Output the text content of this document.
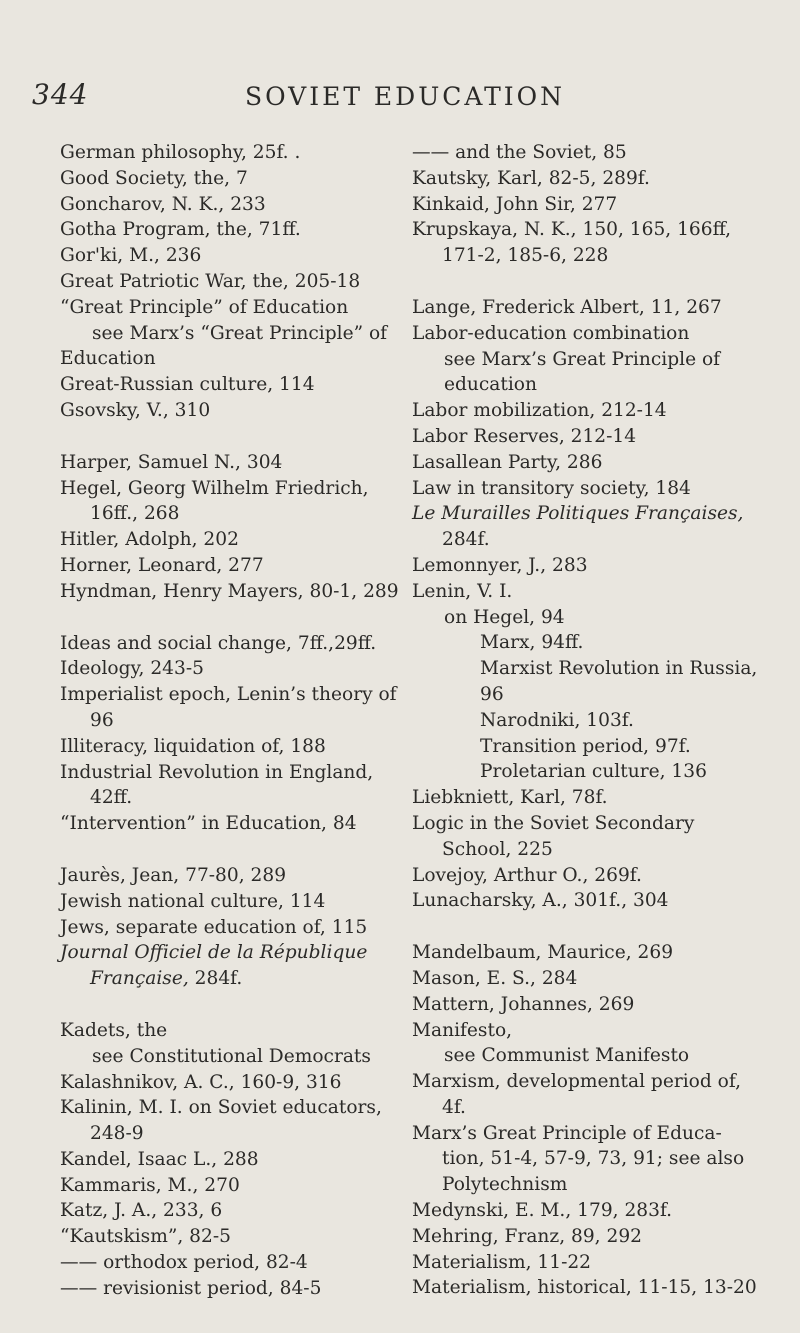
344	SOVIET EDUCATION
German philosophy, 25f. .
Good Society, the, 7
Goncharov, N. K., 233
Gotha Program, the, 71ff.
Gor'ki, M., 236
Great Patriotic War, the, 205-18
“Great Principle” of Education
see Marx’s “Great Principle” of
Education
Great-Russian culture, 114
Gsovsky, V., 310
Harper, Samuel N., 304
Hegel, Georg Wilhelm Friedrich,
16ff., 268
Hitler, Adolph, 202
Horner, Leonard, 277
Hyndman, Henry Mayers, 80-1, 289
Ideas and social change, 7ff.,29ff.
Ideology, 243-5
Imperialist epoch, Lenin’s theory of
96
Illiteracy, liquidation of, 188
Industrial Revolution in England,
42ff.
“Intervention” in Education, 84
Jaurès, Jean, 77-80, 289
Jewish national culture, 114
Jews, separate education of, 115
Journal Officiel de la République
Française, 284f.
Kadets, the
see Constitutional Democrats
Kalashnikov, A. C., 160-9, 316
Kalinin, M. I. on Soviet educators,
248-9
Kandel, Isaac L., 288
Kammaris, M., 270
Katz, J. A., 233, 6
“Kautskism”, 82-5
—— orthodox period, 82-4
—— revisionist period, 84-5
—— and the Soviet, 85
Kautsky, Karl, 82-5, 289f.
Kinkaid, John Sir, 277
Krupskaya, N. K., 150, 165, 166ff,
171-2, 185-6, 228
Lange, Frederick Albert, 11, 267
Labor-education combination
see Marx’s Great Principle of
education
Labor mobilization, 212-14
Labor Reserves, 212-14
Lasallean Party, 286
Law in transitory society, 184
Le Murailles Politiques Françaises,
284f.
Lemonnyer, J., 283
Lenin, V. I.
on Hegel, 94
Marx, 94ff.
Marxist Revolution in Russia,
96
Narodniki, 103f.
Transition period, 97f.
Proletarian culture, 136
Liebkniett, Karl, 78f.
Logic in the Soviet Secondary
School, 225
Lovejoy, Arthur O., 269f.
Lunacharsky, A., 301f., 304
Mandelbaum, Maurice, 269
Mason, E. S., 284
Mattern, Johannes, 269
Manifesto,
see Communist Manifesto
Marxism, developmental period of,
4f.
Marx’s Great Principle of Educa-
tion, 51-4, 57-9, 73, 91; see also
Polytechnism
Medynski, E. M., 179, 283f.
Mehring, Franz, 89, 292
Materialism, 11-22
Materialism, historical, 11-15, 13-20
